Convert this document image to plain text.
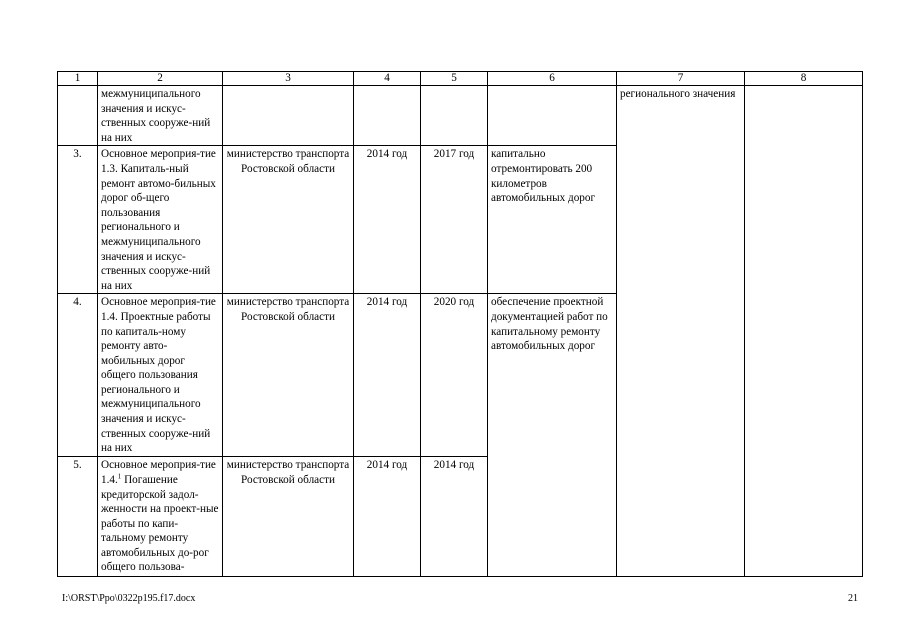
1	2	3	4	5	6	7	8
	межмуниципального значения и искус-ственных сооруже-ний на них					регионального значения	
3.	Основное мероприя-тие 1.3. Капиталь-ный ремонт автомо-бильных дорог об-щего пользования регионального и межмуниципального значения и искус-ственных сооруже-ний на них	министерство транспорта Ростовской области	2014 год	2017 год	капитально отремонтировать 200 километров автомобильных дорог		
4.	Основное мероприя-тие 1.4. Проектные работы по капиталь-ному ремонту авто-мобильных дорог общего пользования регионального и межмуниципального значения и искус-ственных сооруже-ний на них	министерство транспорта Ростовской области	2014 год	2020 год	обеспечение проектной документацией работ по капитальному ремонту автомобильных дорог		
5.	Основное мероприя-тие 1.4.$^1$ Погашение кредиторской задол-женности на проект-ные работы по капи-тальному ремонту автомобильных до-рог общего пользова-	министерство транспорта Ростовской области	2014 год	2014 год			
I:\ORST\Ppo\0322p195.f17.docx	21
